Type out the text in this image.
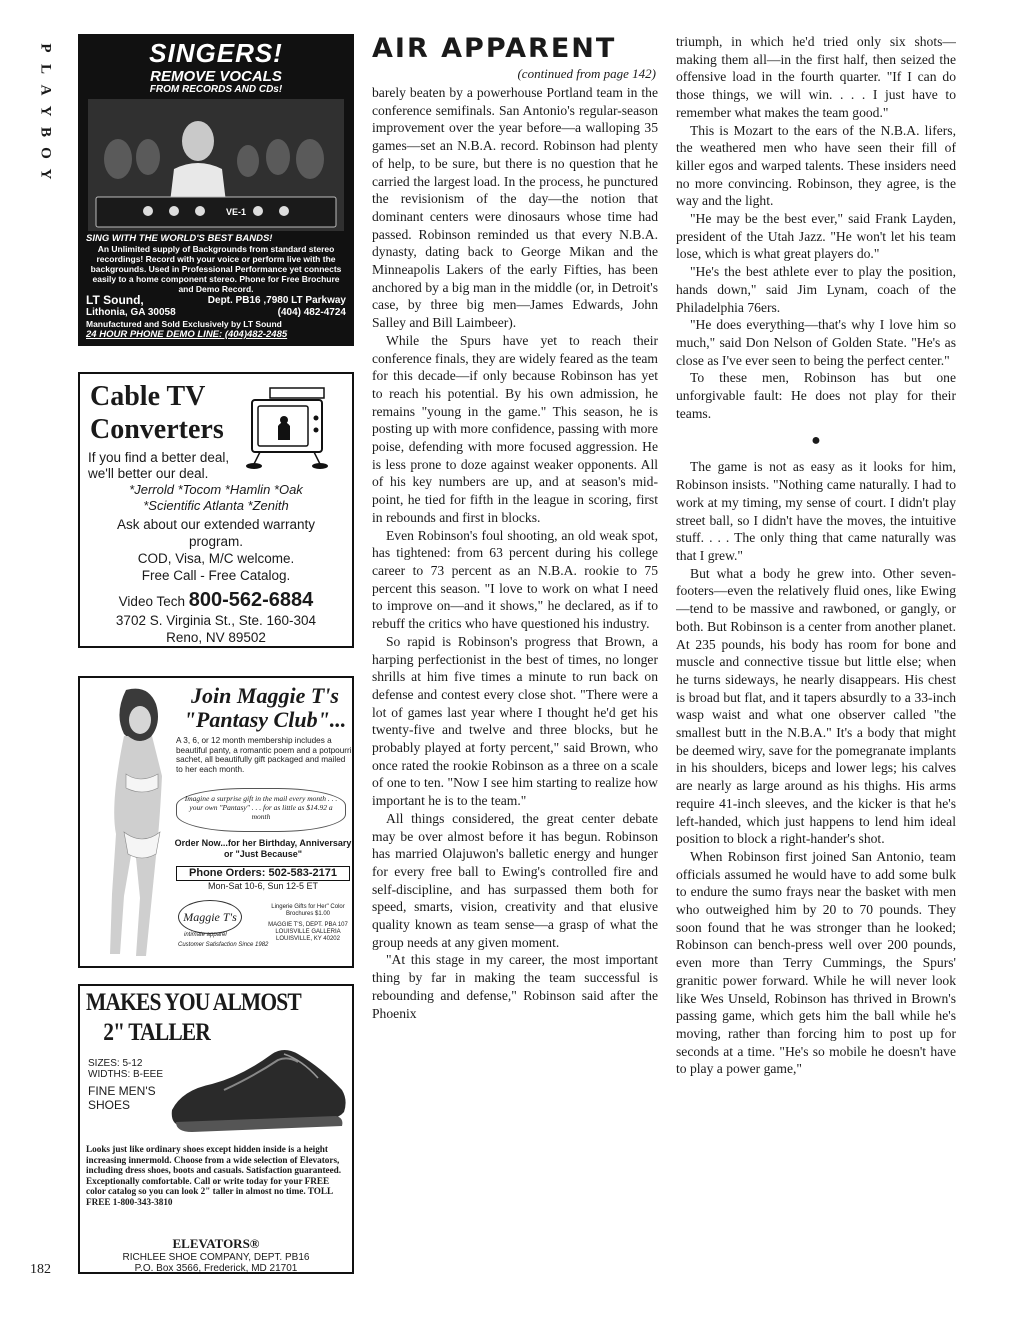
P
L
A
Y
B
O
Y
182
SINGERS!
REMOVE VOCALS
FROM RECORDS AND CDs!
VE-1
SING WITH THE WORLD'S BEST BANDS!
An Unlimited supply of Backgrounds from standard stereo recordings! Record with your voice or perform live with the backgrounds. Used in Professional Performance yet connects easily to a home component stereo. Phone for Free Brochure and Demo Record.
LT Sound,	Dept. PB16 ,7980 LT Parkway
Lithonia, GA 30058	(404) 482-4724
Manufactured and Sold Exclusively by LT Sound
24 HOUR PHONE DEMO LINE: (404)482-2485
Cable TV
Converters
If you find a better deal,
we'll better our deal.
*Jerrold *Tocom *Hamlin *Oak
*Scientific Atlanta *Zenith
Ask about our extended warranty
program.
COD, Visa, M/C welcome.
Free Call - Free Catalog.
Video Tech 800-562-6884
3702 S. Virginia St., Ste. 160-304
Reno, NV 89502
Join Maggie T's "Pantasy Club"...
A 3, 6, or 12 month membership includes a beautiful panty, a romantic poem and a potpourri sachet, all beautifully gift packaged and mailed to her each month.
Imagine a surprise gift in the mail every month . . . your own "Pantasy" . . . for as little as $14.92 a month
Order Now...for her Birthday, Anniversary or "Just Because"
Phone Orders: 502-583-2171
Mon-Sat 10-6, Sun 12-5 ET
Maggie T's
intimate apparel
Lingerie Gifts for Her" Color Brochures $1.00
MAGGIE T'S, DEPT. PBA 107 LOUISVILLE GALLERIA LOUISVILLE, KY 40202
Customer Satisfaction Since 1982
MAKES YOU ALMOST
2" TALLER
SIZES: 5-12
WIDTHS: B-EEE
FINE MEN'S
SHOES
Looks just like ordinary shoes except hidden inside is a height increasing innermold. Choose from a wide selection of Elevators, including dress shoes, boots and casuals. Satisfaction guaranteed. Exceptionally comfortable. Call or write today for your FREE color catalog so you can look 2" taller in almost no time. TOLL FREE 1-800-343-3810
ELEVATORS®
RICHLEE SHOE COMPANY, DEPT. PB16
P.O. Box 3566, Frederick, MD 21701
AIR APPARENT
(continued from page 142)

barely beaten by a powerhouse Portland team in the conference semifinals. San Antonio's regular-season improvement over the year before—a walloping 35 games—set an N.B.A. record. Robinson had plenty of help, to be sure, but there is no question that he carried the largest load. In the process, he punctured the revisionism of the day—the notion that dominant centers were dinosaurs whose time had passed. Robinson reminded us that every N.B.A. dynasty, dating back to George Mikan and the Minneapolis Lakers of the early Fifties, has been anchored by a big man in the middle (or, in Detroit's case, by three big men—James Edwards, John Salley and Bill Laimbeer).

While the Spurs have yet to reach their conference finals, they are widely feared as the team for this decade—if only because Robinson has yet to reach his potential. By his own admission, he remains "young in the game." This season, he is posting up with more confidence, passing with more poise, defending with more focused aggression. He is less prone to doze against weaker opponents. All of his key numbers are up, and at season's mid-point, he tied for fifth in the league in scoring, first in rebounds and first in blocks.

Even Robinson's foul shooting, an old weak spot, has tightened: from 63 percent during his college career to 73 percent as an N.B.A. rookie to 75 percent this season. "I love to work on what I need to improve on—and it shows," he declared, as if to rebuff the critics who have questioned his industry.

So rapid is Robinson's progress that Brown, a harping perfectionist in the best of times, no longer shrills at him five times a minute to run back on defense and contest every close shot. "There were a lot of games last year where I thought he'd get his twenty-five and twelve and three blocks, but he probably played at forty percent," said Brown, who once rated the rookie Robinson as a three on a scale of one to ten. "Now I see him starting to realize how important he is to the team."

All things considered, the great center debate may be over almost before it has begun. Robinson has married Olajuwon's balletic energy and hunger for every free ball to Ewing's controlled fire and self-discipline, and has surpassed them both for speed, smarts, vision, creativity and that elusive quality known as team sense—a grasp of what the group needs at any given moment.

"At this stage in my career, the most important thing by far in making the team successful is rebounding and defense," Robinson said after the Phoenix

triumph, in which he'd tried only six shots—making them all—in the first half, then seized the offensive load in the fourth quarter. "If I can do those things, we will win. . . . I just have to remember what makes the team good."

This is Mozart to the ears of the N.B.A. lifers, the weathered men who have seen their fill of killer egos and warped talents. These insiders need no more convincing. Robinson, they agree, is the way and the light.

"He may be the best ever," said Frank Layden, president of the Utah Jazz. "He won't let his team lose, which is what great players do."

"He's the best athlete ever to play the position, hands down," said Jim Lynam, coach of the Philadelphia 76ers.

"He does everything—that's why I love him so much," said Don Nelson of Golden State. "He's as close as I've ever seen to being the perfect center."

To these men, Robinson has but one unforgivable fault: He does not play for their teams.

●

The game is not as easy as it looks for him, Robinson insists. "Nothing came naturally. I had to work at my timing, my sense of court. I didn't play street ball, so I didn't have the moves, the intuitive stuff. . . . The only thing that came naturally was that I grew."

But what a body he grew into. Other seven-footers—even the relatively fluid ones, like Ewing—tend to be massive and rawboned, or gangly, or both. But Robinson is a center from another planet. At 235 pounds, his body has room for bone and muscle and connective tissue but little else; when he turns sideways, he nearly disappears. His chest is broad but flat, and it tapers absurdly to a 33-inch wasp waist and what one observer called "the smallest butt in the N.B.A." It's a body that might be deemed wiry, save for the pomegranate implants in his shoulders, biceps and lower legs; his calves are nearly as large around as his thighs. His arms require 41-inch sleeves, and the kicker is that he's left-handed, which just happens to lend him ideal position to block a right-hander's shot.

When Robinson first joined San Antonio, team officials assumed he would have to add some bulk to endure the sumo frays near the basket with men who outweighed him by 20 to 70 pounds. They soon found that he was stronger than he looked; Robinson can bench-press well over 200 pounds, even more than Terry Cummings, the Spurs' granitic power forward. While he will never look like Wes Unseld, Robinson has thrived in Brown's passing game, which gets him the ball while he's moving, rather than forcing him to post up for seconds at a time. "He's so mobile he doesn't have to play a power game,"
